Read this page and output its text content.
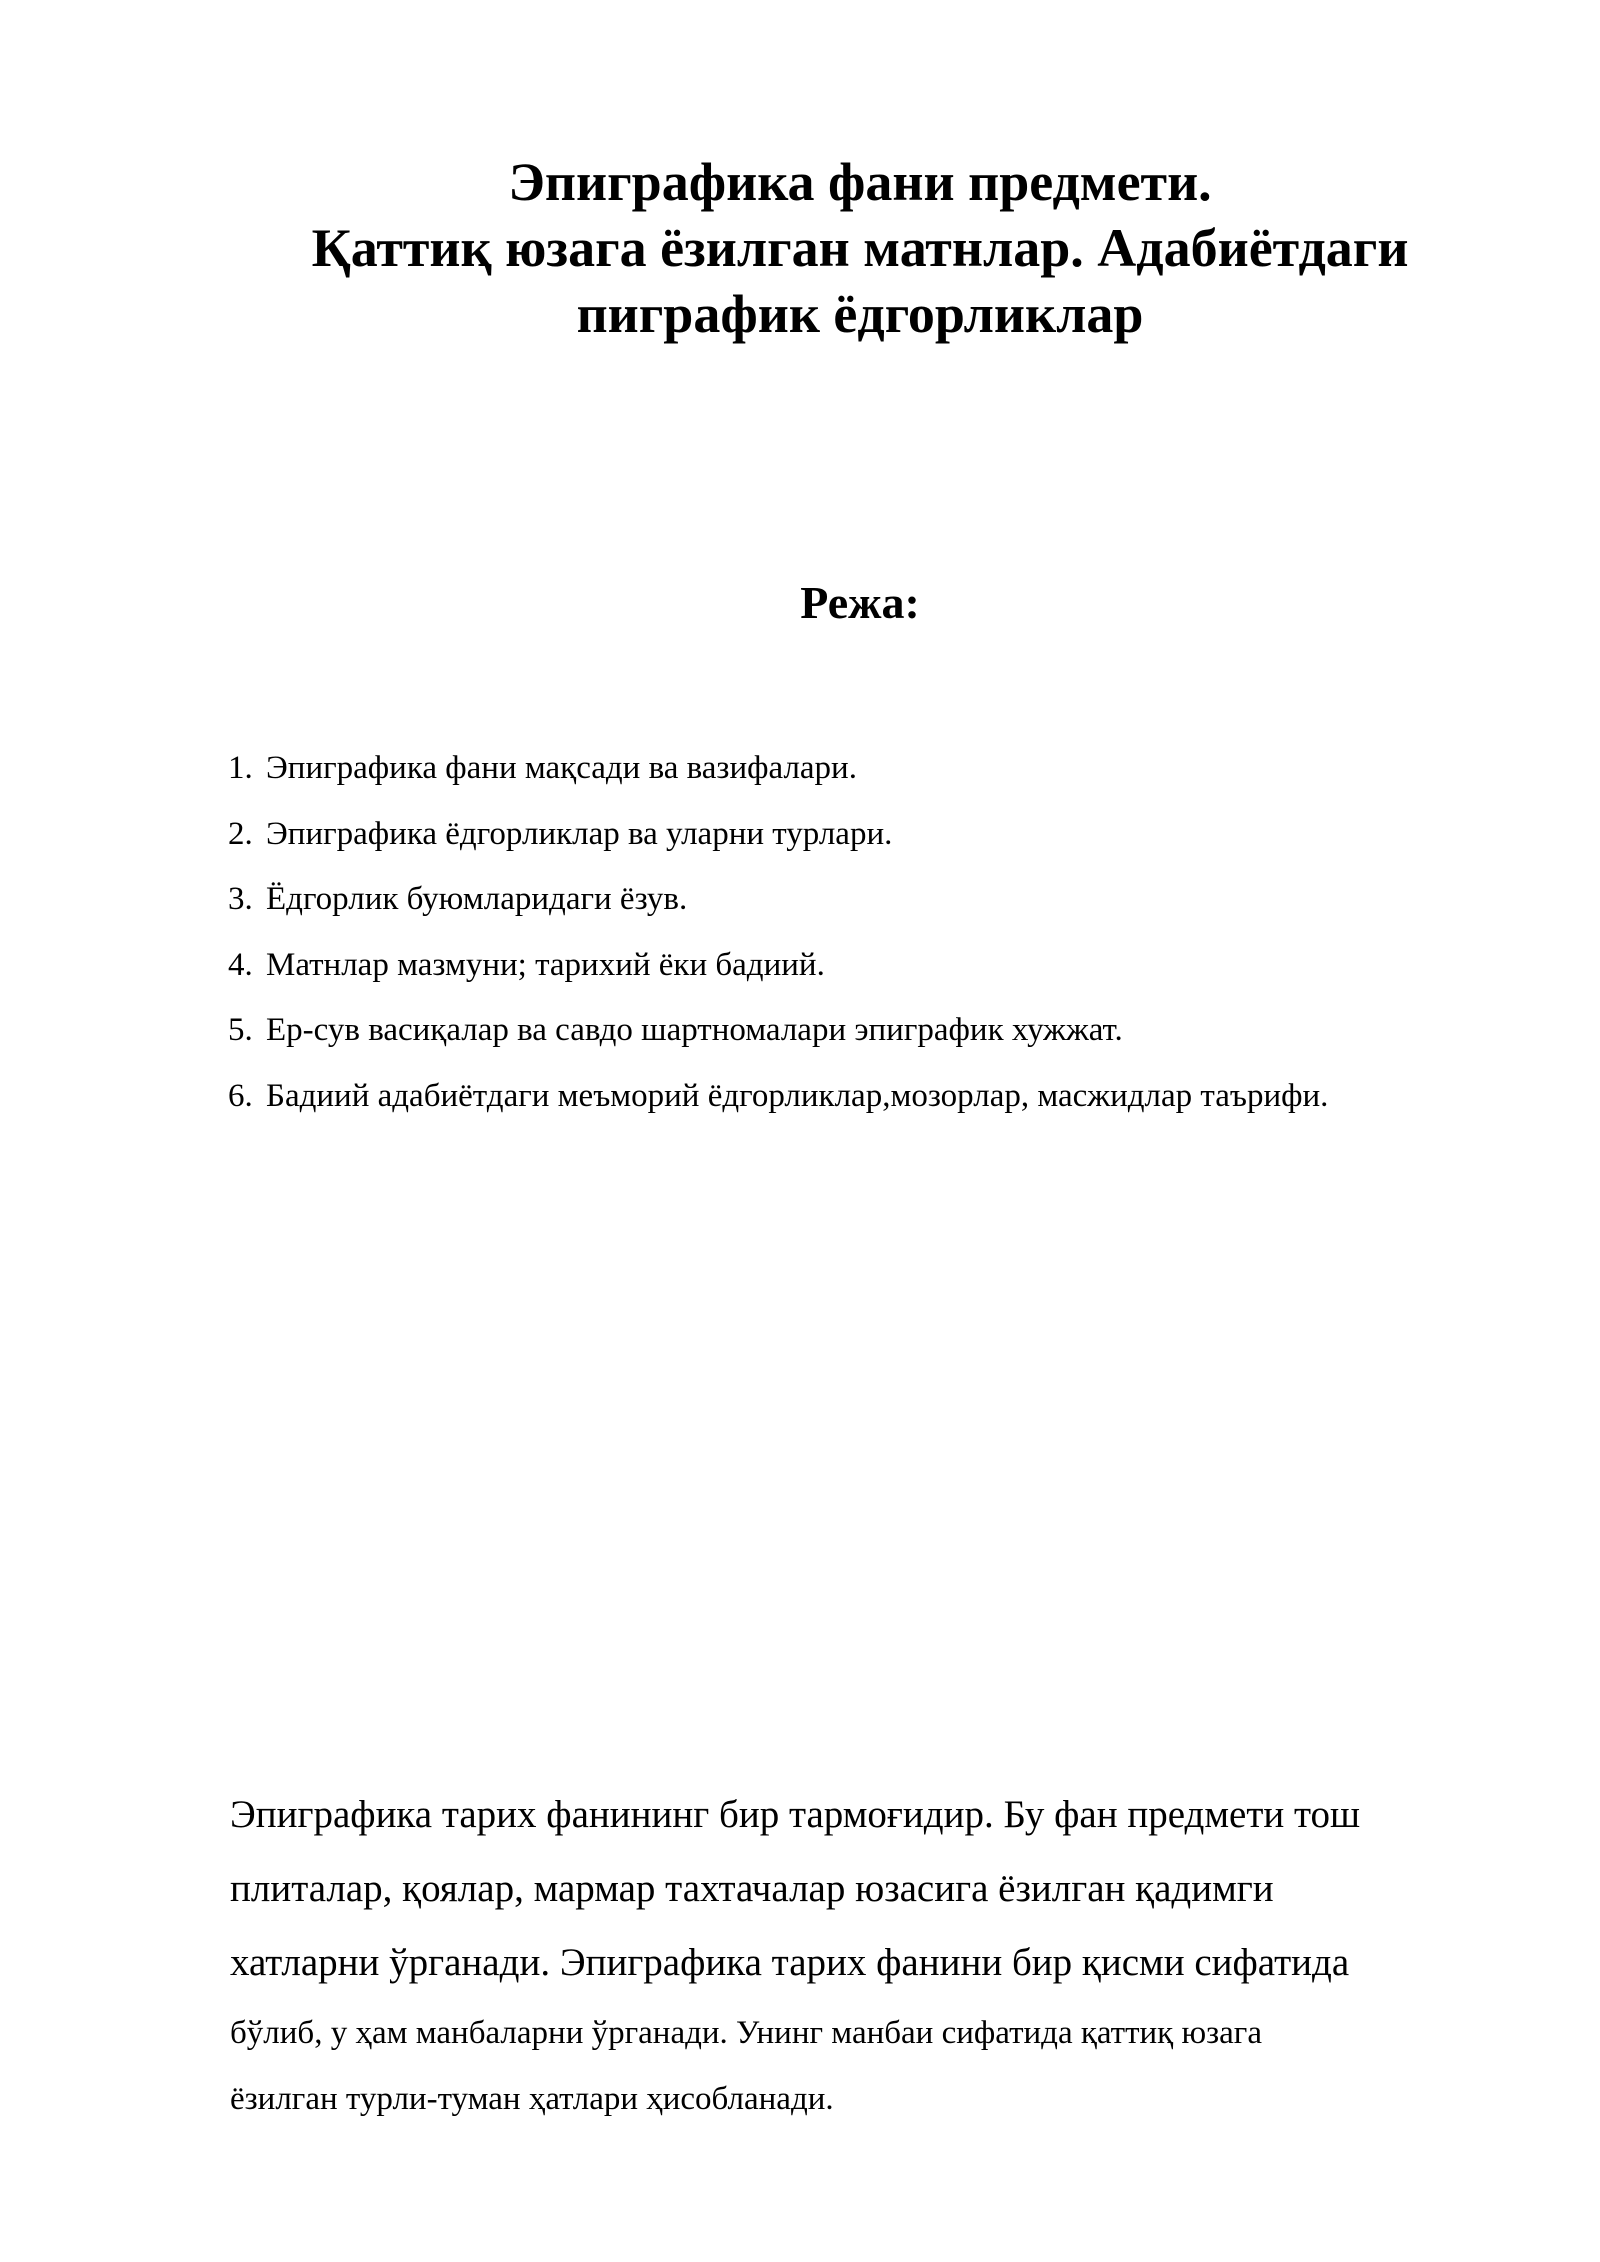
Эпиграфика фани предмети.
Қаттиқ юзага ёзилган матнлар. Адабиётдаги
пиграфик ёдгорликлар
Режа:
1. Эпиграфика фани мақсади ва вазифалари.
2. Эпиграфика ёдгорликлар ва уларни турлари.
3. Ёдгорлик буюмларидаги ёзув.
4. Матнлар мазмуни; тарихий ёки бадиий.
5. Ер-сув васиқалар ва савдо шартномалари эпиграфик хужжат.
6. Бадиий адабиётдаги меъморий ёдгорликлар,мозорлар, масжидлар таърифи.
Эпиграфика тарих фанининг бир тармоғидир. Бу фан предмети тош
плиталар, қоялар, мармар тахтачалар юзасига ёзилган қадимги
хатларни ўрганади. Эпиграфика тарих фанини бир қисми сифатида
бўлиб, у ҳам манбаларни ўрганади. Унинг манбаи сифатида қаттиқ юзага
ёзилган турли-туман ҳатлари ҳисобланади.
